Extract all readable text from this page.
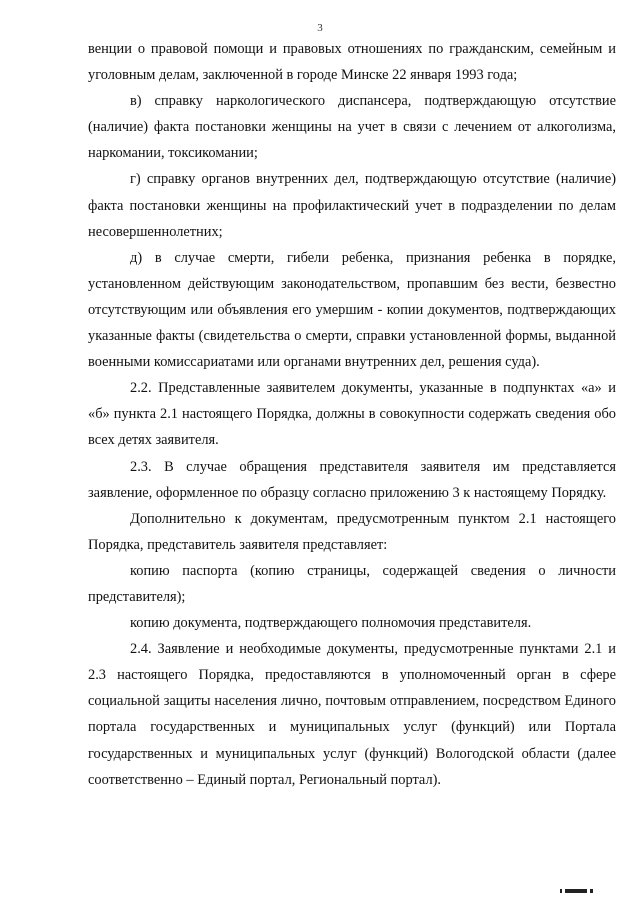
3

венции о правовой помощи и правовых отношениях по гражданским, семейным и уголовным делам, заключенной в городе Минске 22 января 1993 года;

в) справку наркологического диспансера, подтверждающую отсутствие (наличие) факта постановки женщины на учет в связи с лечением от алкоголизма, наркомании, токсикомании;

г) справку органов внутренних дел, подтверждающую отсутствие (наличие) факта постановки женщины на профилактический учет в подразделении по делам несовершеннолетних;

д) в случае смерти, гибели ребенка, признания ребенка в порядке, установленном действующим законодательством, пропавшим без вести, безвестно отсутствующим или объявления его умершим - копии документов, подтверждающих указанные факты (свидетельства о смерти, справки установленной формы, выданной военными комиссариатами или органами внутренних дел, решения суда).

2.2. Представленные заявителем документы, указанные в подпунктах «а» и «б» пункта 2.1 настоящего Порядка, должны в совокупности содержать сведения обо всех детях заявителя.

2.3. В случае обращения представителя заявителя им представляется заявление, оформленное по образцу согласно приложению 3 к настоящему Порядку.

Дополнительно к документам, предусмотренным пунктом 2.1 настоящего Порядка, представитель заявителя представляет:

копию паспорта (копию страницы, содержащей сведения о личности представителя);

копию документа, подтверждающего полномочия представителя.

2.4. Заявление и необходимые документы, предусмотренные пунктами 2.1 и 2.3 настоящего Порядка, предоставляются в уполномоченный орган в сфере социальной защиты населения лично, почтовым отправлением, посредством Единого портала государственных и муниципальных услуг (функций) или Портала государственных и муниципальных услуг (функций) Вологодской области (далее соответственно – Единый портал, Региональный портал).
